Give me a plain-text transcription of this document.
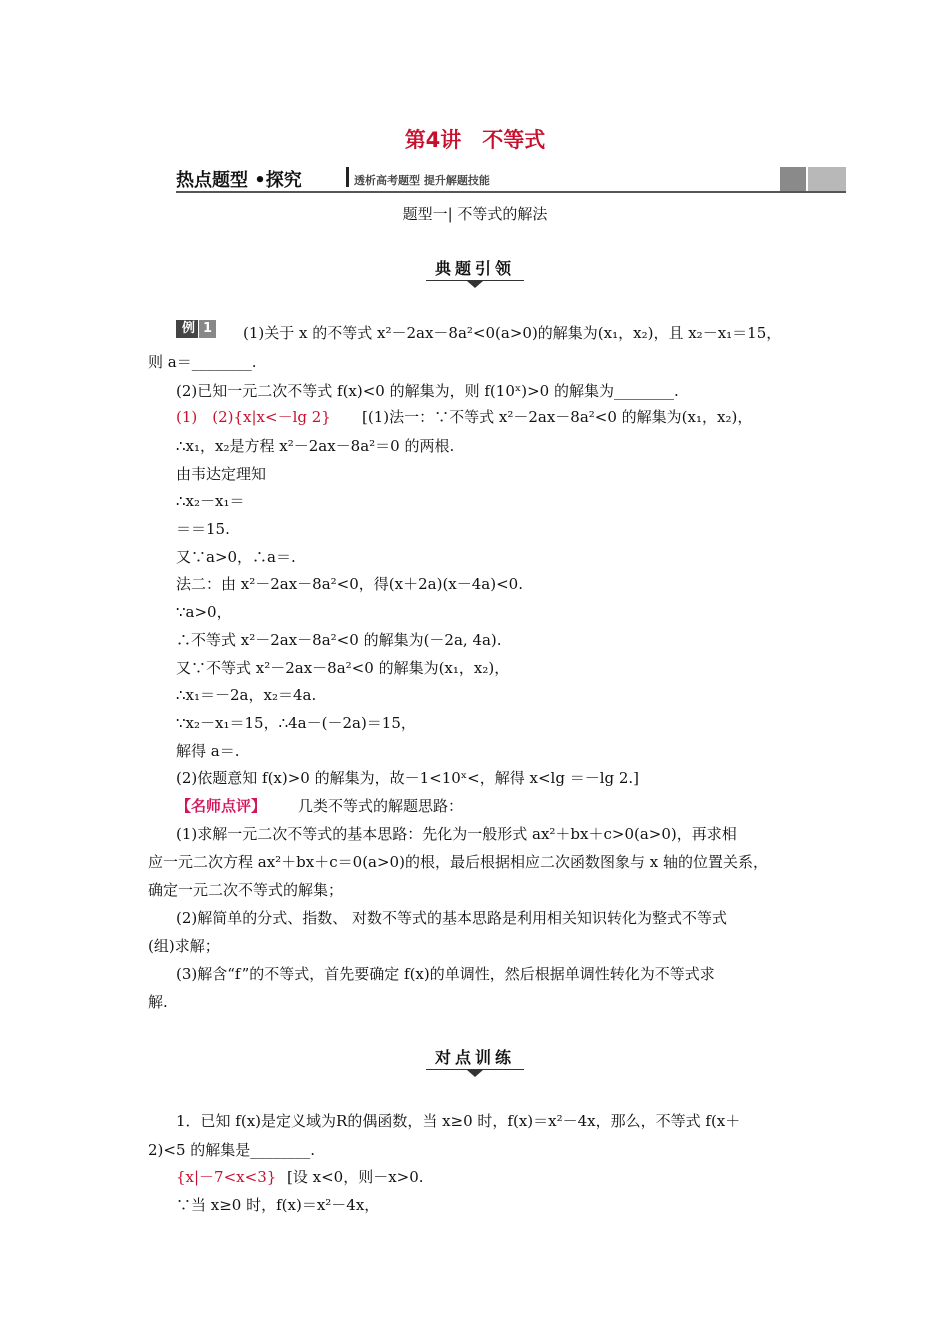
第4讲　不等式
热点题型 •探究	透析高考题型 提升解题技能
题型一| 不等式的解法
典题引领
例 1 (1)关于 x 的不等式 x²－2ax－8a²<0(a>0)的解集为(x₁，x₂)，且 x₂－x₁＝15，
则 a＝________.
(2)已知一元二次不等式 f(x)<0 的解集为，则 f(10ˣ)>0 的解集为________.
(1)　(2){x|x<－lg 2} [(1)法一：∵不等式 x²－2ax－8a²<0 的解集为(x₁，x₂)，
∴x₁，x₂是方程 x²－2ax－8a²＝0 的两根.
由韦达定理知
∴x₂－x₁＝
＝＝15.
又∵a>0，∴a＝.
法二：由 x²－2ax－8a²<0，得(x＋2a)(x－4a)<0.
∵a>0，
∴不等式 x²－2ax－8a²<0 的解集为(－2a, 4a).
又∵不等式 x²－2ax－8a²<0 的解集为(x₁，x₂)，
∴x₁＝－2a，x₂＝4a.
∵x₂－x₁＝15，∴4a－(－2a)＝15，
解得 a＝.
(2)依题意知 f(x)>0 的解集为，故－1<10ˣ<，解得 x<lg ＝－lg 2.]
【名师点评】 几类不等式的解题思路：
(1)求解一元二次不等式的基本思路：先化为一般形式 ax²＋bx＋c>0(a>0)，再求相
应一元二次方程 ax²＋bx＋c＝0(a>0)的根，最后根据相应二次函数图象与 x 轴的位置关系，
确定一元二次不等式的解集；
(2)解简单的分式、指数、 对数不等式的基本思路是利用相关知识转化为整式不等式
(组)求解；
(3)解含“f”的不等式，首先要确定 f(x)的单调性，然后根据单调性转化为不等式求
解.
对点训练
1．已知 f(x)是定义域为R的偶函数，当 x≥0 时，f(x)＝x²－4x，那么，不等式 f(x＋
2)<5 的解集是________.
{x|－7<x<3} [设 x<0，则－x>0.
∵当 x≥0 时，f(x)＝x²－4x，
